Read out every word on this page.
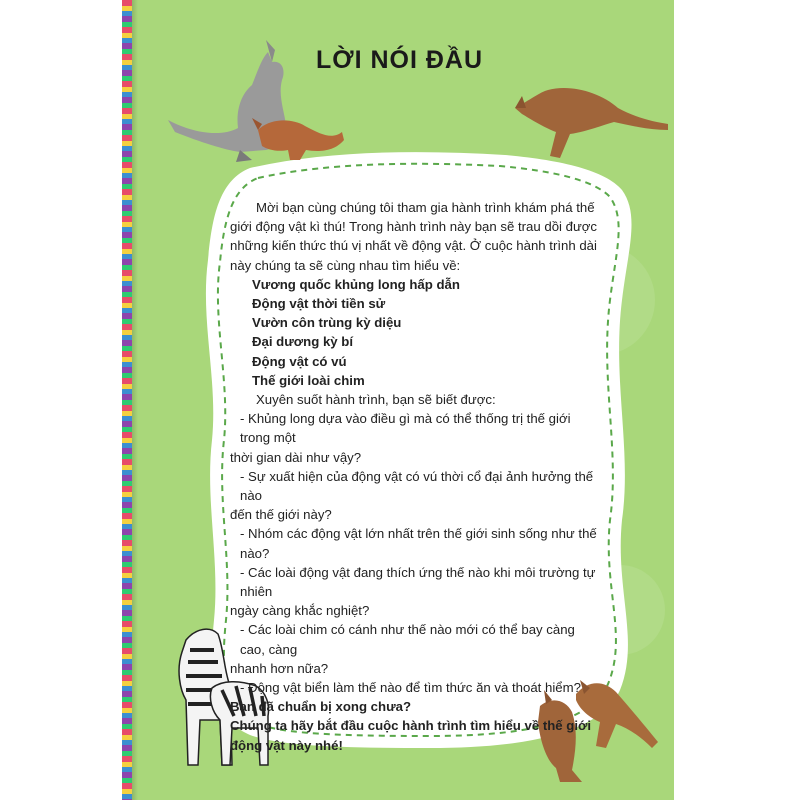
LỜI NÓI ĐẦU

Mời bạn cùng chúng tôi tham gia hành trình khám phá thế giới động vật kì thú! Trong hành trình này bạn sẽ trau dồi được những kiến thức thú vị nhất về động vật. Ở cuộc hành trình dài này chúng ta sẽ cùng nhau tìm hiểu về:

Vương quốc khủng long hấp dẫn

Động vật thời tiền sử

Vườn côn trùng kỳ diệu

Đại dương kỳ bí

Động vật có vú

Thế giới loài chim

Xuyên suốt hành trình, bạn sẽ biết được:

- Khủng long dựa vào điều gì mà có thể thống trị thế giới trong một

thời gian dài như vậy?

- Sự xuất hiện của động vật có vú thời cổ đại ảnh hưởng thế nào

đến thế giới này?

- Nhóm các động vật lớn nhất trên thế giới sinh sống như thế nào?

- Các loài động vật đang thích ứng thế nào khi môi trường tự nhiên

ngày càng khắc nghiệt?

- Các loài chim có cánh như thế nào mới có thể bay càng cao, càng

nhanh hơn nữa?

- Động vật biển làm thế nào để tìm thức ăn và thoát hiểm?

Bạn đã chuẩn bị xong chưa?

Chúng ta hãy bắt đầu cuộc hành trình tìm hiểu về thế giới động vật này nhé!
